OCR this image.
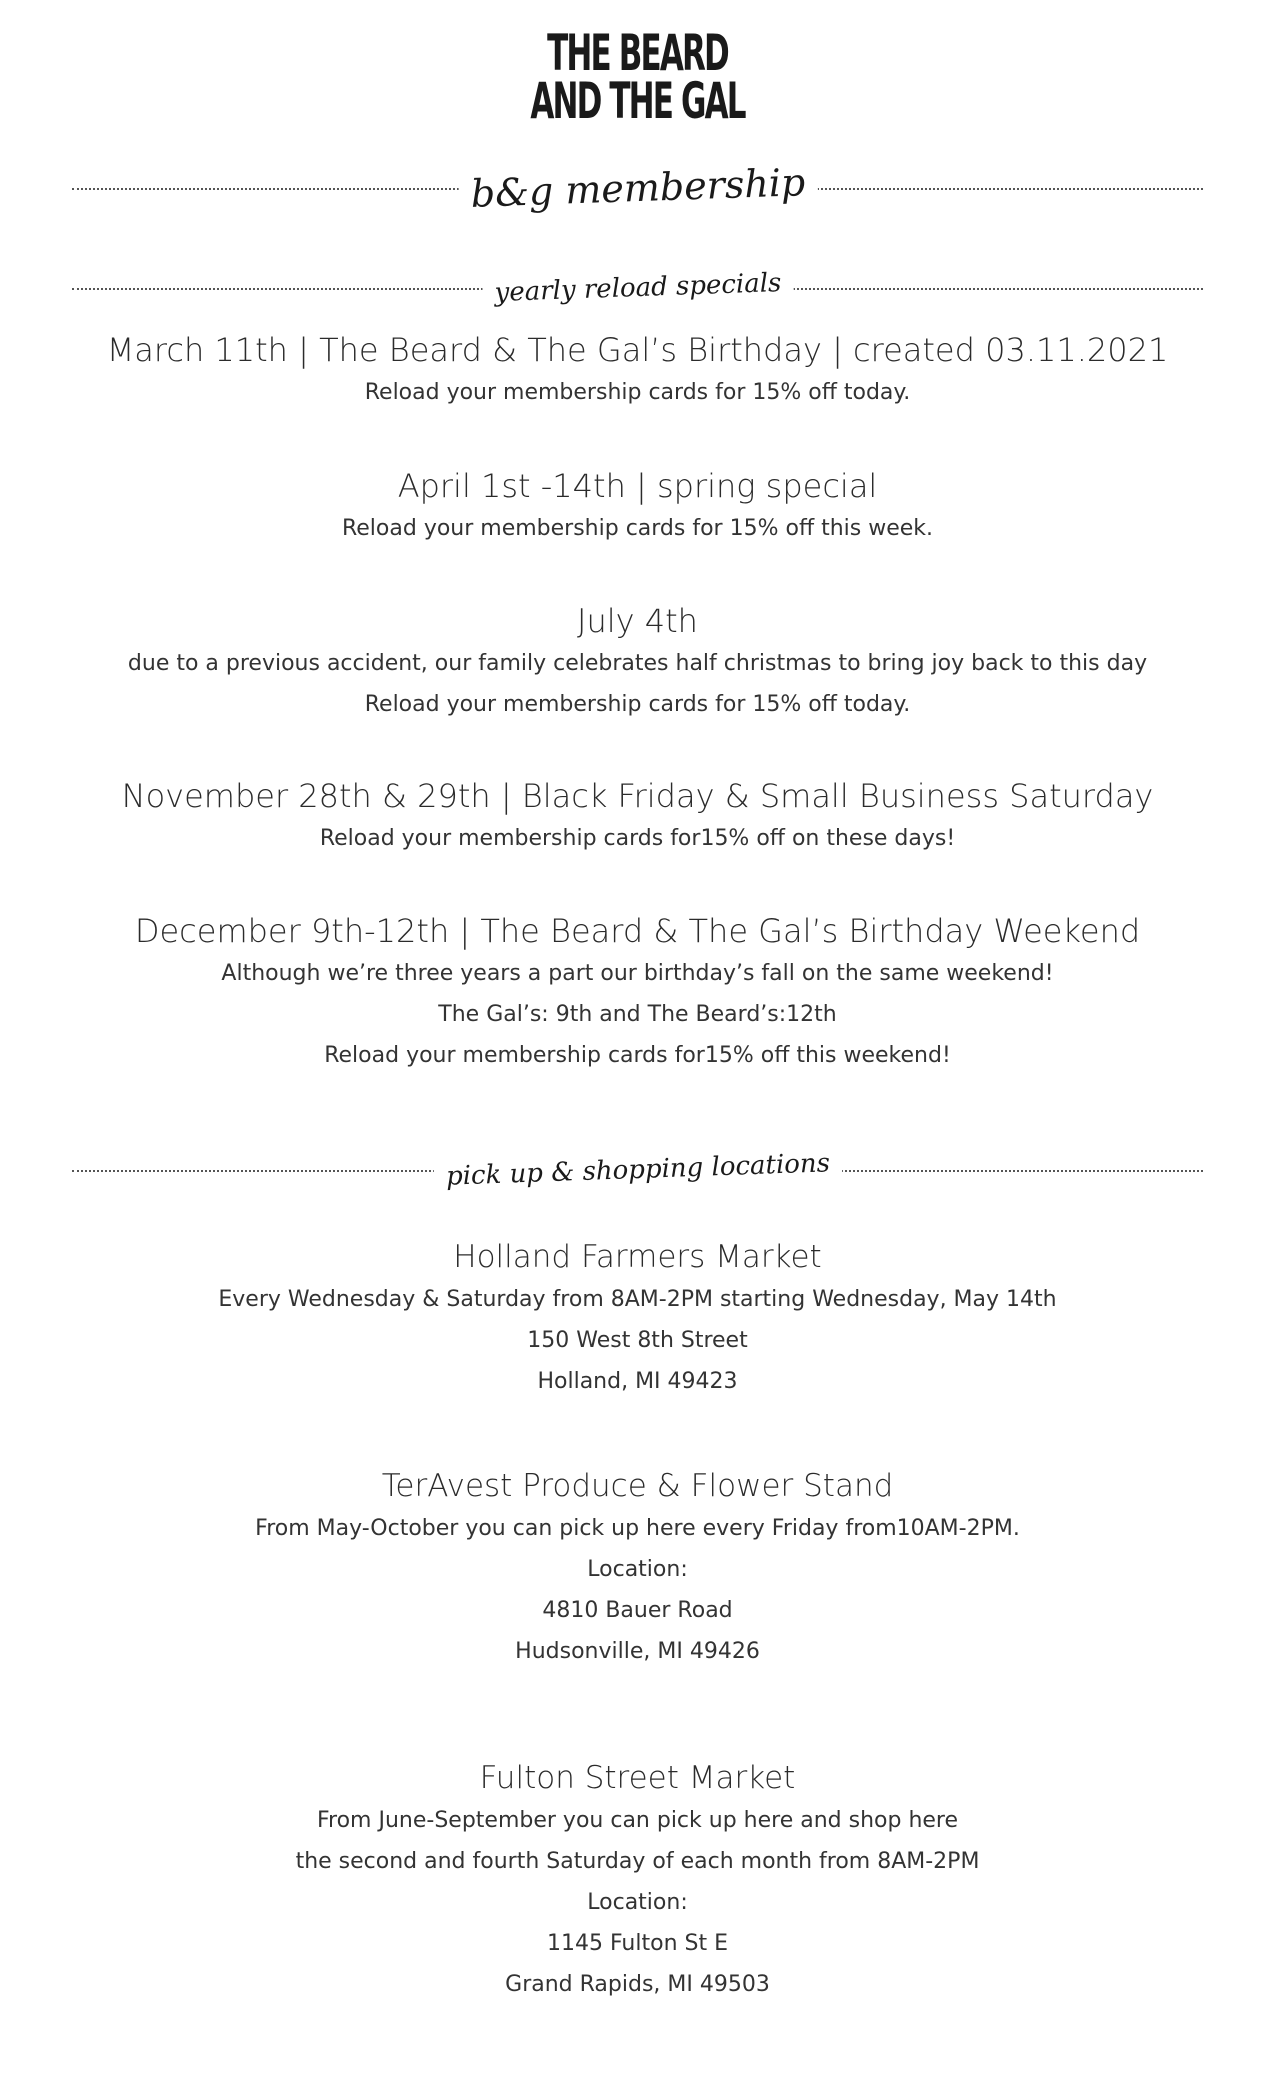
THE BEARD
AND THE GAL
b&g membership
yearly reload specials
March 11th | The Beard & The Gal’s Birthday | created 03.11.2021
Reload your membership cards for 15% off today.
April 1st -14th | spring special
Reload your membership cards for 15% off this week.
July 4th
due to a previous accident, our family celebrates half christmas to bring joy back to this day
Reload your membership cards for 15% off today.
November 28th & 29th | Black Friday & Small Business Saturday
Reload your membership cards for15% off on these days!
December 9th-12th | The Beard & The Gal’s Birthday Weekend
Although we’re three years a part our birthday’s fall on the same weekend!
The Gal’s: 9th and The Beard’s:12th
Reload your membership cards for15% off this weekend!
pick up & shopping locations
Holland Farmers Market
Every Wednesday & Saturday from 8AM-2PM starting Wednesday, May 14th
150 West 8th Street
Holland, MI 49423
TerAvest Produce & Flower Stand
From May-October you can pick up here every Friday from10AM-2PM.
Location:
4810 Bauer Road
Hudsonville, MI 49426
Fulton Street Market
From June-September you can pick up here and shop here
the second and fourth Saturday of each month from 8AM-2PM
Location:
1145 Fulton St E
Grand Rapids, MI 49503
